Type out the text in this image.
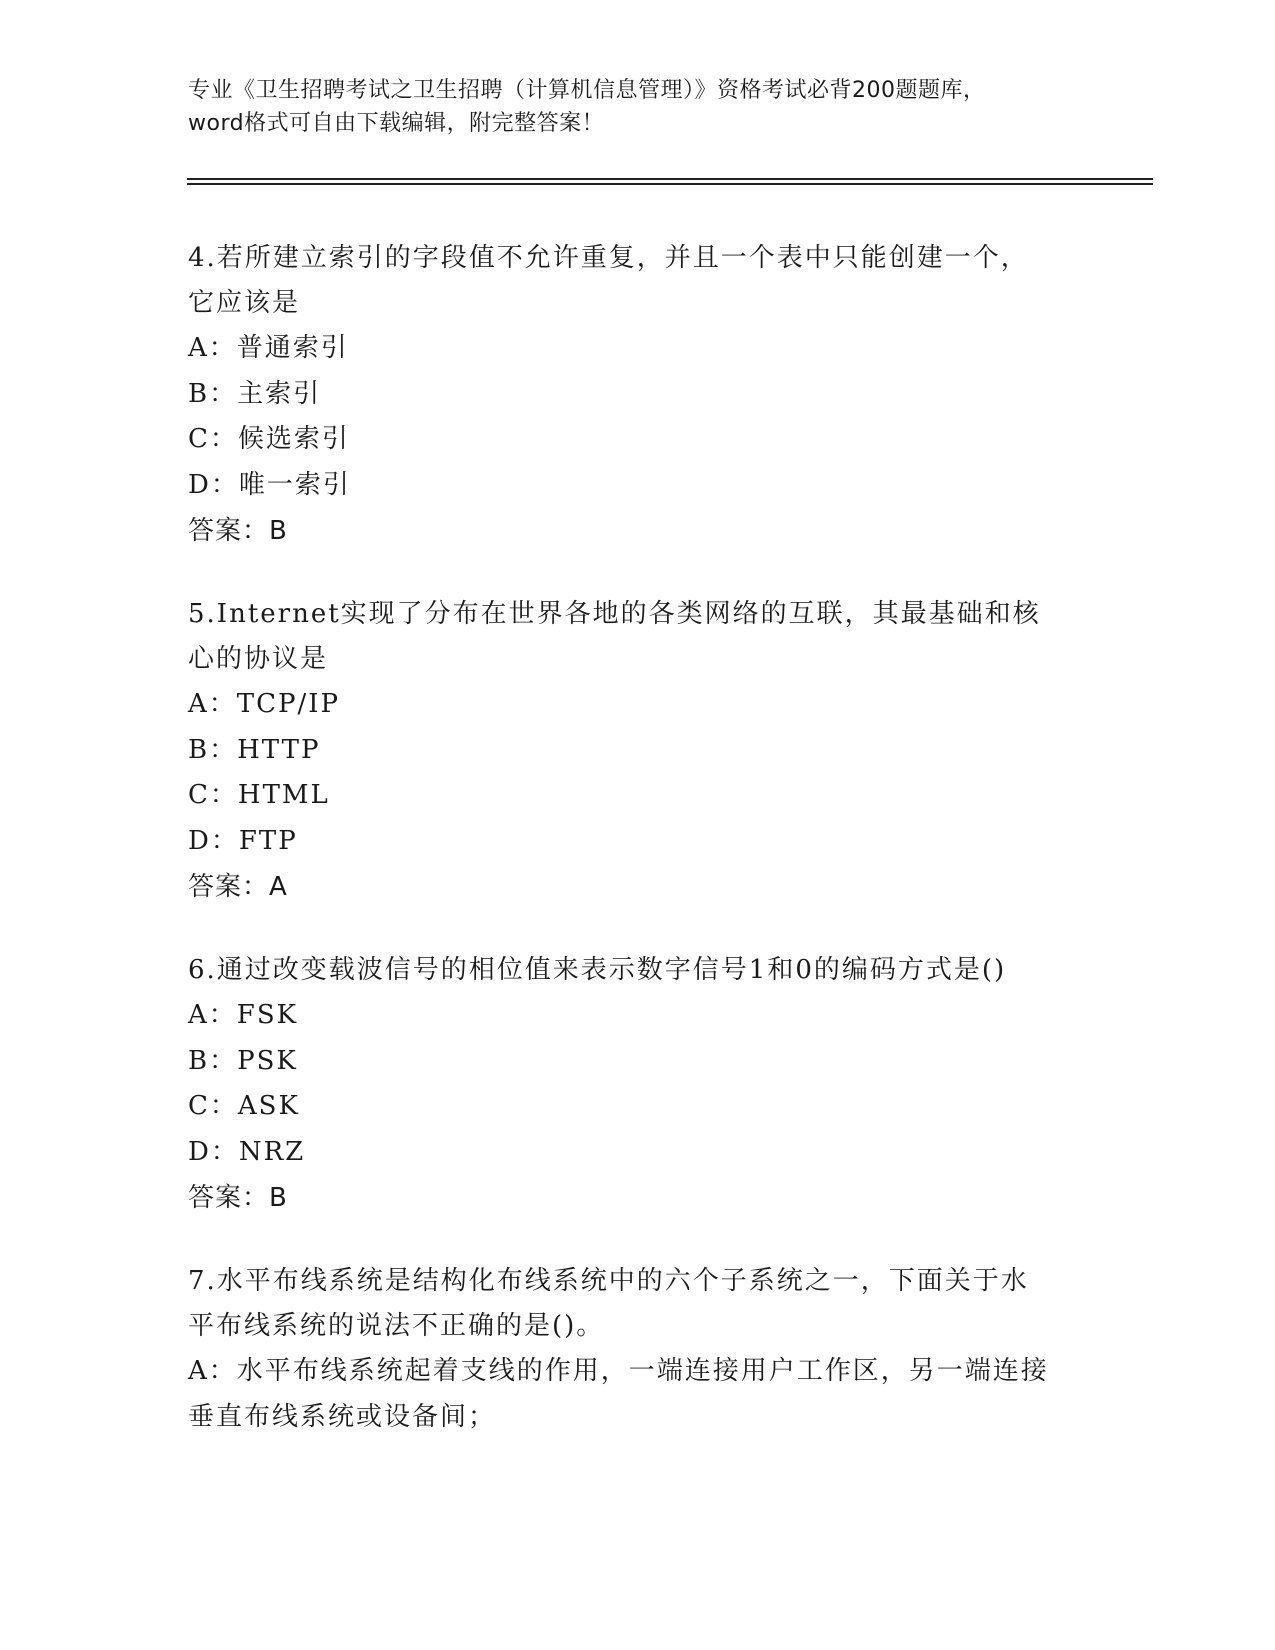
专业《卫生招聘考试之卫生招聘（计算机信息管理）》资格考试必背200题题库，
word格式可自由下载编辑，附完整答案！
4.若所建立索引的字段值不允许重复，并且一个表中只能创建一个，
它应该是
A：普通索引
B：主索引
C：候选索引
D：唯一索引
答案：B
5.Internet实现了分布在世界各地的各类网络的互联，其最基础和核
心的协议是
A：TCP/IP
B：HTTP
C：HTML
D：FTP
答案：A
6.通过改变载波信号的相位值来表示数字信号1和0的编码方式是()
A：FSK
B：PSK
C：ASK
D：NRZ
答案：B
7.水平布线系统是结构化布线系统中的六个子系统之一，下面关于水
平布线系统的说法不正确的是()。
A：水平布线系统起着支线的作用，一端连接用户工作区，另一端连接
垂直布线系统或设备间；
